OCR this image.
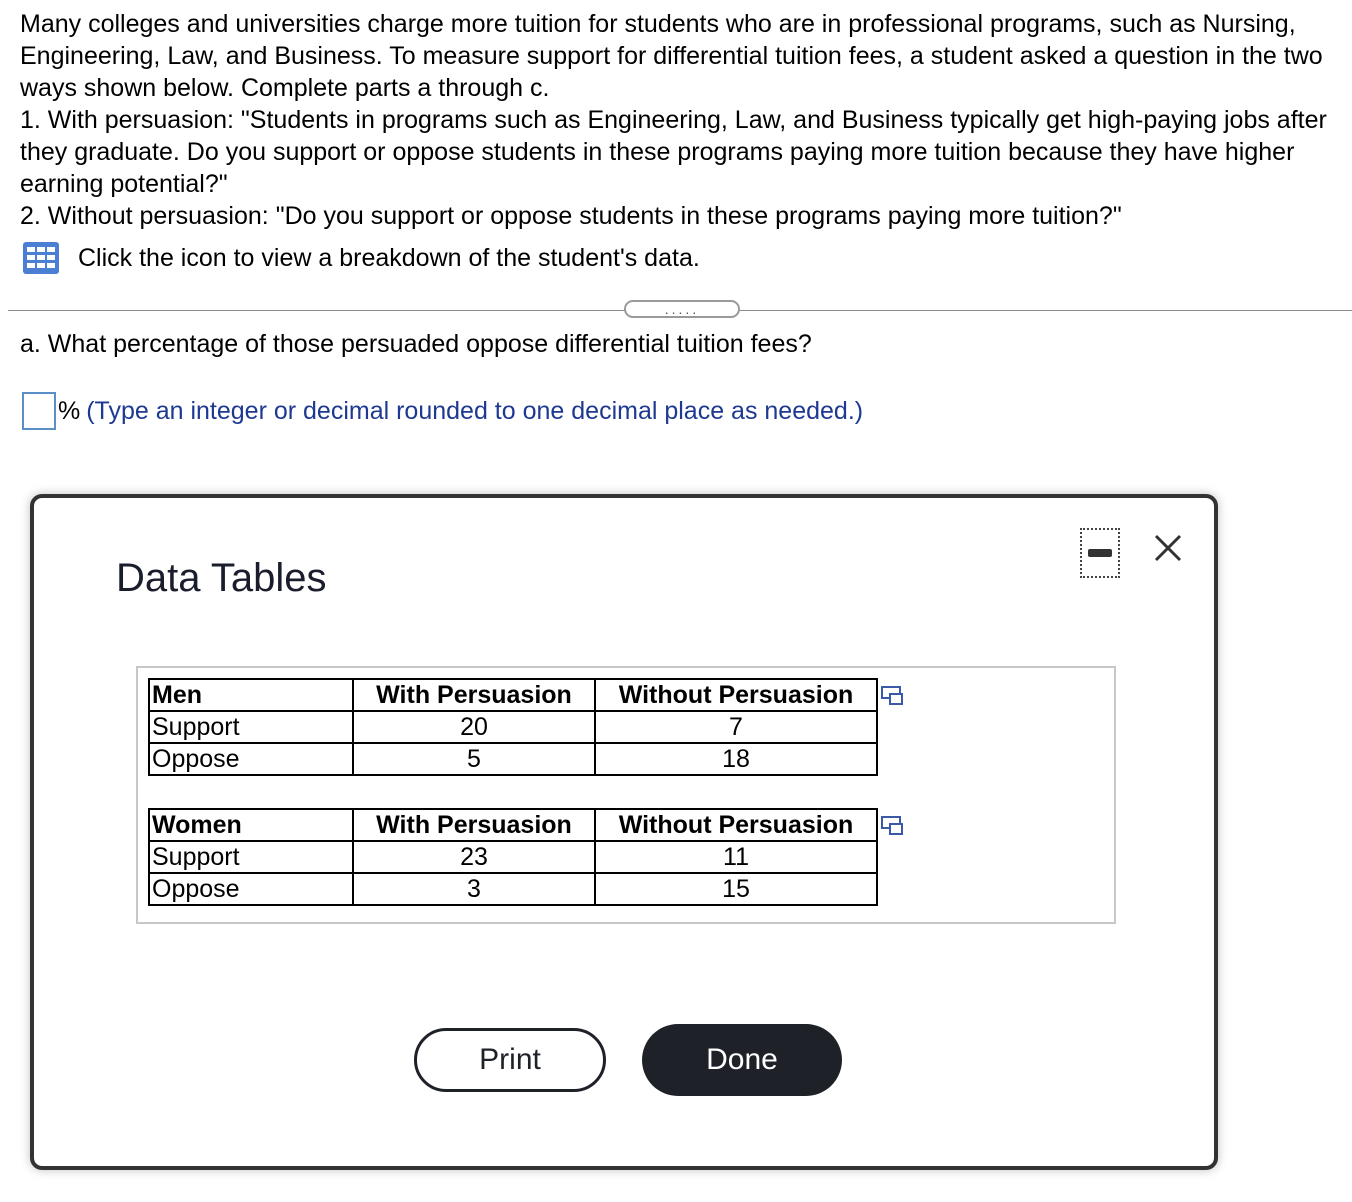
Many colleges and universities charge more tuition for students who are in professional programs, such as Nursing, Engineering, Law, and Business. To measure support for differential tuition fees, a student asked a question in the two ways shown below. Complete parts a through c.

1. With persuasion: "Students in programs such as Engineering, Law, and Business typically get high-paying jobs after they graduate. Do you support or oppose students in these programs paying more tuition because they have higher earning potential?"

2. Without persuasion: "Do you support or oppose students in these programs paying more tuition?"

Click the icon to view a breakdown of the student's data.
.....
a. What percentage of those persuaded oppose differential tuition fees?
% (Type an integer or decimal rounded to one decimal place as needed.)
Data Tables
Men	With Persuasion	Without Persuasion
Support	20	7
Oppose	5	18
Women	With Persuasion	Without Persuasion
Support	23	11
Oppose	3	15
Print	Done
